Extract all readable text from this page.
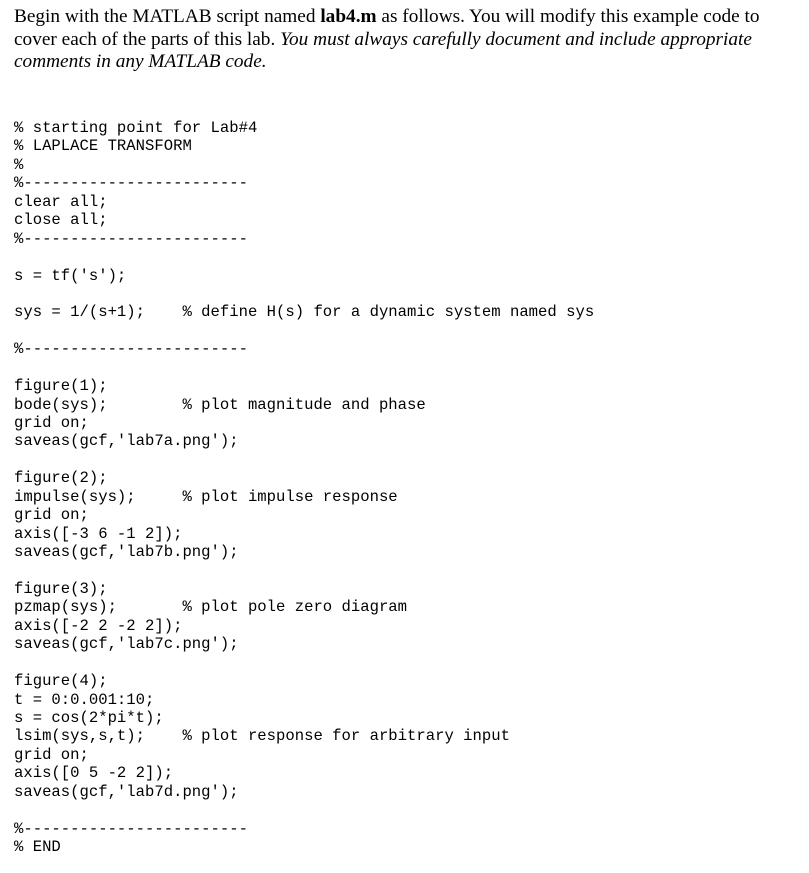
Begin with the MATLAB script named lab4.m as follows. You will modify this example code to cover each of the parts of this lab. You must always carefully document and include appropriate comments in any MATLAB code.

% starting point for Lab#4
% LAPLACE TRANSFORM
%
%------------------------
clear all;
close all;
%------------------------

s = tf('s');

sys = 1/(s+1);    % define H(s) for a dynamic system named sys

%------------------------

figure(1);
bode(sys);        % plot magnitude and phase
grid on;
saveas(gcf,'lab7a.png');

figure(2);
impulse(sys);     % plot impulse response
grid on;
axis([-3 6 -1 2]);
saveas(gcf,'lab7b.png');

figure(3);
pzmap(sys);       % plot pole zero diagram
axis([-2 2 -2 2]);
saveas(gcf,'lab7c.png');

figure(4);
t = 0:0.001:10;
s = cos(2*pi*t);
lsim(sys,s,t);    % plot response for arbitrary input
grid on;
axis([0 5 -2 2]);
saveas(gcf,'lab7d.png');

%------------------------
% END
